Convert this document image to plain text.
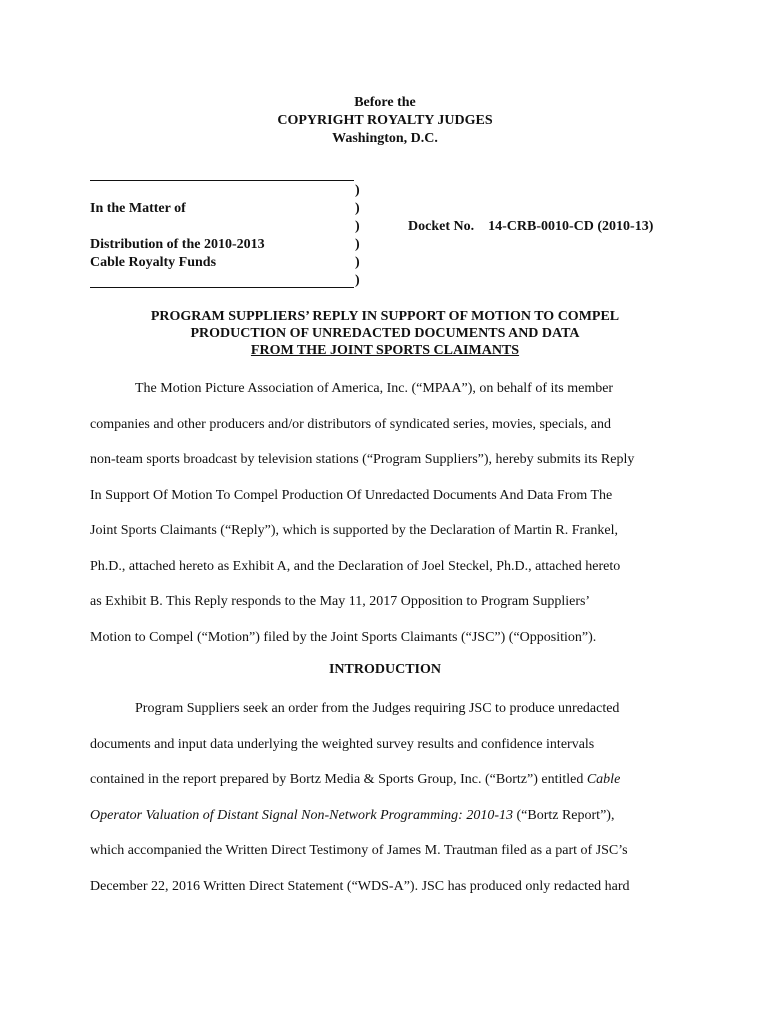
Before the
COPYRIGHT ROYALTY JUDGES
Washington, D.C.
In the Matter of
Distribution of the 2010-2013
Cable Royalty Funds
)
)
)
)
)
)
Docket No. 14-CRB-0010-CD (2010-13)
PROGRAM SUPPLIERS’ REPLY IN SUPPORT OF MOTION TO COMPEL
PRODUCTION OF UNREDACTED DOCUMENTS AND DATA
FROM THE JOINT SPORTS CLAIMANTS
The Motion Picture Association of America, Inc. (“MPAA”), on behalf of its member
companies and other producers and/or distributors of syndicated series, movies, specials, and
non-team sports broadcast by television stations (“Program Suppliers”), hereby submits its Reply
In Support Of Motion To Compel Production Of Unredacted Documents And Data From The
Joint Sports Claimants (“Reply”), which is supported by the Declaration of Martin R. Frankel,
Ph.D., attached hereto as Exhibit A, and the Declaration of Joel Steckel, Ph.D., attached hereto
as Exhibit B. This Reply responds to the May 11, 2017 Opposition to Program Suppliers’
Motion to Compel (“Motion”) filed by the Joint Sports Claimants (“JSC”) (“Opposition”).
INTRODUCTION
Program Suppliers seek an order from the Judges requiring JSC to produce unredacted
documents and input data underlying the weighted survey results and confidence intervals
contained in the report prepared by Bortz Media & Sports Group, Inc. (“Bortz”) entitled Cable
Operator Valuation of Distant Signal Non-Network Programming: 2010-13 (“Bortz Report”),
which accompanied the Written Direct Testimony of James M. Trautman filed as a part of JSC’s
December 22, 2016 Written Direct Statement (“WDS-A”). JSC has produced only redacted hard
